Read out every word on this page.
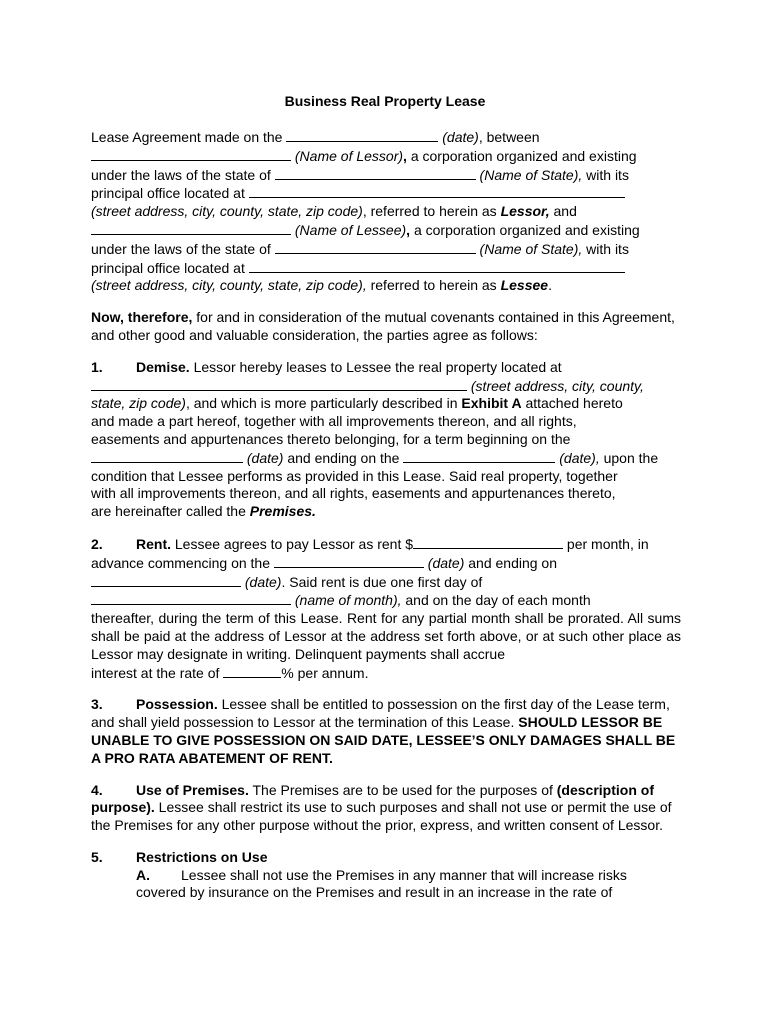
Business Real Property Lease
Lease Agreement made on the	(date), between
(Name of Lessor), a corporation organized and existing
under the laws of the state of	(Name of State), with its
principal office located at
(street address, city, county, state, zip code), referred to herein as Lessor, and
(Name of Lessee), a corporation organized and existing
under the laws of the state of	(Name of State), with its
principal office located at
(street address, city, county, state, zip code), referred to herein as Lessee.
Now, therefore, for and in consideration of the mutual covenants contained in this Agreement, and other good and valuable consideration, the parties agree as follows:
1. Demise. Lessor hereby leases to Lessee the real property located at
(street address, city, county,
state, zip code), and which is more particularly described in Exhibit A attached hereto
and made a part hereof, together with all improvements thereon, and all rights,
easements and appurtenances thereto belonging, for a term beginning on the
(date) and ending on the	(date), upon the
condition that Lessee performs as provided in this Lease. Said real property, together
with all improvements thereon, and all rights, easements and appurtenances thereto,
are hereinafter called the Premises.
2. Rent. Lessee agrees to pay Lessor as rent $	per month, in
advance commencing on the	(date) and ending on
(date). Said rent is due one first day of
(name of month), and on the day of each month
thereafter, during the term of this Lease. Rent for any partial month shall be prorated. All sums shall be paid at the address of Lessor at the address set forth above, or at such other place as Lessor may designate in writing. Delinquent payments shall accrue
interest at the rate of	% per annum.
3. Possession. Lessee shall be entitled to possession on the first day of the Lease term, and shall yield possession to Lessor at the termination of this Lease. SHOULD LESSOR BE UNABLE TO GIVE POSSESSION ON SAID DATE, LESSEE’S ONLY DAMAGES SHALL BE A PRO RATA ABATEMENT OF RENT.
4. Use of Premises. The Premises are to be used for the purposes of (description of purpose). Lessee shall restrict its use to such purposes and shall not use or permit the use of the Premises for any other purpose without the prior, express, and written consent of Lessor.
5. Restrictions on Use
A. Lessee shall not use the Premises in any manner that will increase risks
covered by insurance on the Premises and result in an increase in the rate of
